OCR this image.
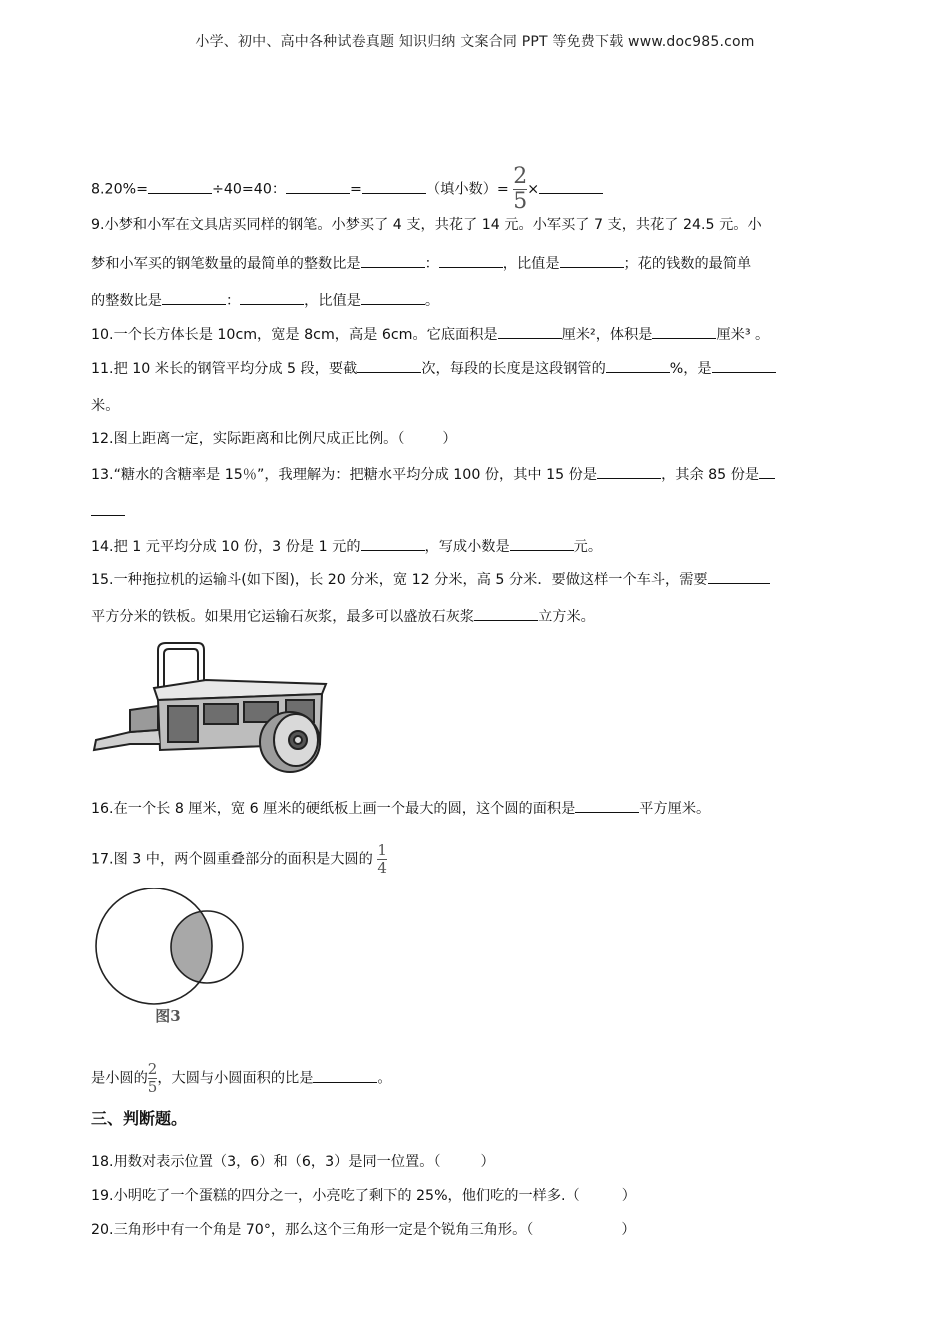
小学、初中、高中各种试卷真题 知识归纳 文案合同 PPT 等免费下载 www.doc985.com
8.20%=	÷40=40：	=	（填小数）= $\frac{2}{5}$ ×
9.小梦和小军在文具店买同样的钢笔。小梦买了 4 支，共花了 14 元。小军买了 7 支，共花了 24.5 元。小
梦和小军买的钢笔数量的最简单的整数比是	：	，比值是	；花的钱数的最简单
的整数比是	：	，比值是	。
10.一个长方体长是 10cm，宽是 8cm，高是 6cm。它底面积是	厘米²，体积是	厘米³ 。
11.把 10 米长的钢管平均分成 5 段，要截	次，每段的长度是这段钢管的	%，是
米。
12.图上距离一定，实际距离和比例尺成正比例。（	）
13.“糖水的含糖率是 15％”，我理解为：把糖水平均分成 100 份，其中 15 份是	，其余 85 份是
14.把 1 元平均分成 10 份，3 份是 1 元的	，写成小数是	元。
15.一种拖拉机的运输斗(如下图)，长 20 分米，宽 12 分米，高 5 分米．要做这样一个车斗，需要
平方分米的铁板。如果用它运输石灰浆，最多可以盛放石灰浆	立方米。
16.在一个长 8 厘米，宽 6 厘米的硬纸板上画一个最大的圆，这个圆的面积是	平方厘米。
17.图 3 中，两个圆重叠部分的面积是大圆的 $\frac{1}{4}$
图3
是小圆的 $\frac{2}{5}$ ，大圆与小圆面积的比是	。
三、判断题。
18.用数对表示位置（3，6）和（6，3）是同一位置。（	）
19.小明吃了一个蛋糕的四分之一，小亮吃了剩下的 25%，他们吃的一样多.（	）
20.三角形中有一个角是 70°，那么这个三角形一定是个锐角三角形。（	）
